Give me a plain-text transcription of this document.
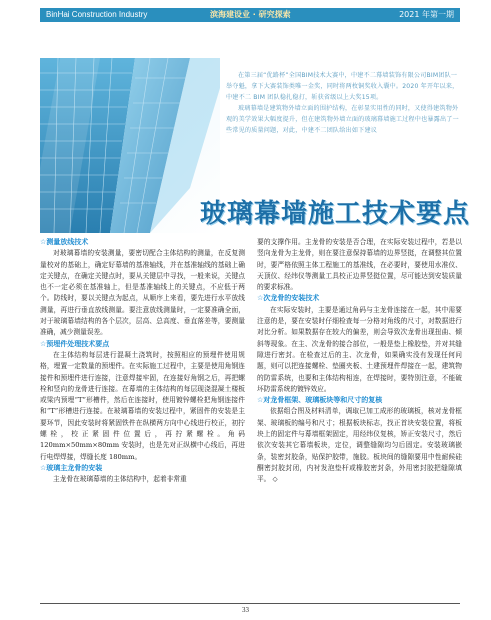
BinHai Construction Industry	滨海建设业 · 研究探索	2021 年第一期

在第三届“优路杯”全国BIM技术大赛中，中建不二幕墙装饰有限公司BIM团队一举夺魁，拿下大赛装饰类唯一金奖，同时将两枚铜奖收入囊中。2020 年开年以来，中建不二 BIM 团队稳扎稳打，斩获省级以上大奖15项。

玻璃幕墙是建筑物外墙立面的围护结构，在彰显实用性的同时，又使得建筑物外观的美学效果大幅度提升，但在建筑物外墙立面的玻璃幕墙施工过程中也暴露出了一些常见的质量问题，对此，中建不二团队给出如下建议

玻璃幕墙施工技术要点
☆测量放线技术

对玻璃幕墙的安装测量，要密切配合主体结构的测量，在反复测量校对的基础上，确定好幕墙的基准轴线，并在基准轴线的基础上确定关键点，在确定关键点时，要从关键层中寻找，一般来说，关键点也不一定必须在基准轴上，但是基准轴线上的关键点，不应低于两个。防线时，要以关键点为起点，从顺序上来看，要先进行水平放线测量，再进行垂直放线测量。要注意放线测量时，一定要准确全面，对于玻璃幕墙结构的各个层次，层高、总高度、垂直落差等，要测量准确，减少测量误差。

☆预埋件处理技术要点

在主体结构每层进行混凝土浇筑时，按照相应的预埋件使用规格，埋置一定数量的预埋件。在实际施工过程中，主要是使用角钢连接件和预埋件进行连接，注意焊接牢固，在连接好角钢之后，再把螺栓和竖向的龙骨进行连接。在幕墙的主体结构的每层现浇混凝土楼板或梁内预埋“T”形槽件，然后在连接时，使用镀锌螺栓把角钢连接件和“T”形槽进行连接。在玻璃幕墙的安装过程中，紧固件的安装是主要环节，因此安装时将紧固铁件在纵横两方向中心线进行校正，初拧螺栓，校正紧固件位置后，再拧紧螺栓。角码 120mm×50mm×80mm 安装时，也是先对正纵横中心线后，再进行电焊焊接，焊缝长度 180mm。

☆玻璃主龙骨的安装

主龙骨在玻璃幕墙的主体结构中，起着非常重

要的支撑作用。主龙骨的安装是否合理，在实际安装过程中，若是以竖向龙骨为主龙骨，则在要注意保持幕墙的边界竖挺，在调整其位置时，要严格依照主体工程施工的基准线，在必要时，要使用水准仪、天顶仪、经纬仪等测量工具校正边界竖挺位置，尽可能达到安装质量的要求标准。

☆次龙骨的安装技术

在实际安装时，主要是通过角码与主龙骨连接在一起，其中需要注意的是，要在安装时仔细检查每一分格对角线的尺寸，对数据进行对比分析。如果数据存在较大的偏差，则会导致次龙骨出现扭曲、倾斜等现象。在主、次龙骨的接合部位，一般是垫上橡胶垫，并对其缝隙进行密封。在检查过后的主、次龙骨，如果确实没有发现任何问题，则可以把连接螺栓、垫圈夹板、土建预埋件焊接在一起，建筑物的防雷系统，也要和主体结构相连，在焊接时，要特别注意，不能破坏防雷系统的镀锌效应。

☆对龙骨框架、玻璃板块等和尺寸的复核

依据组合图及材料清单，调取已加工成形的玻璃板，核对龙骨框架、玻璃板的编号和尺寸；根据板块标志，找正首块安装位置，将板块上的固定件与幕墙框架固定，用经纬仪复核，矫正安装尺寸，然后依次安装其它幕墙板块，定位，调整缝隙均匀后固定。安装玻璃嵌条，装密封胶条，贴保护胶带，施胶。板块间的缝隙要用中性耐候硅酮密封胶封闭，内衬发泡垫杆或橡胶密封条，外用密封胶把缝隙填平。 ◇

33
